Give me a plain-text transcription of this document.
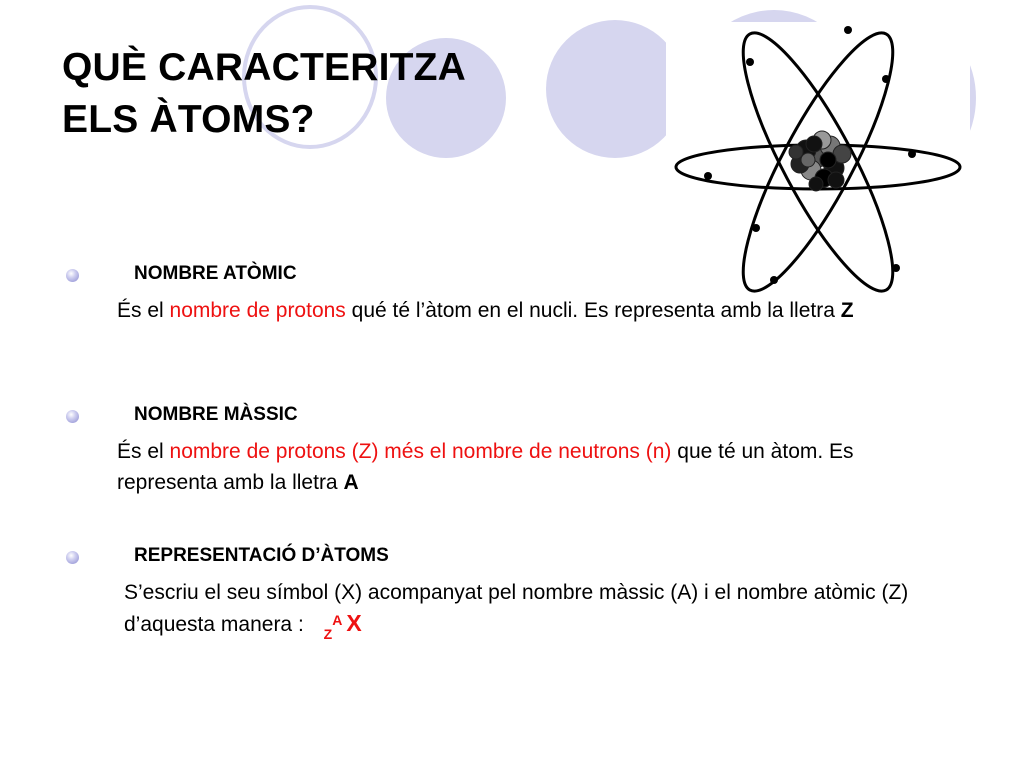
QUÈ CARACTERITZA
ELS ÀTOMS?
NOMBRE ATÒMIC
És el nombre de protons qué té l’àtom en el nucli. Es representa amb la lletra Z
NOMBRE MÀSSIC
És el nombre de protons (Z) més el nombre de neutrons (n) que té un àtom. Es representa amb la lletra A
REPRESENTACIÓ D’ÀTOMS
S’escriu el seu símbol (X) acompanyat pel nombre màssic (A) i el nombre atòmic (Z) d’aquesta manera : $_Z^A$ X
